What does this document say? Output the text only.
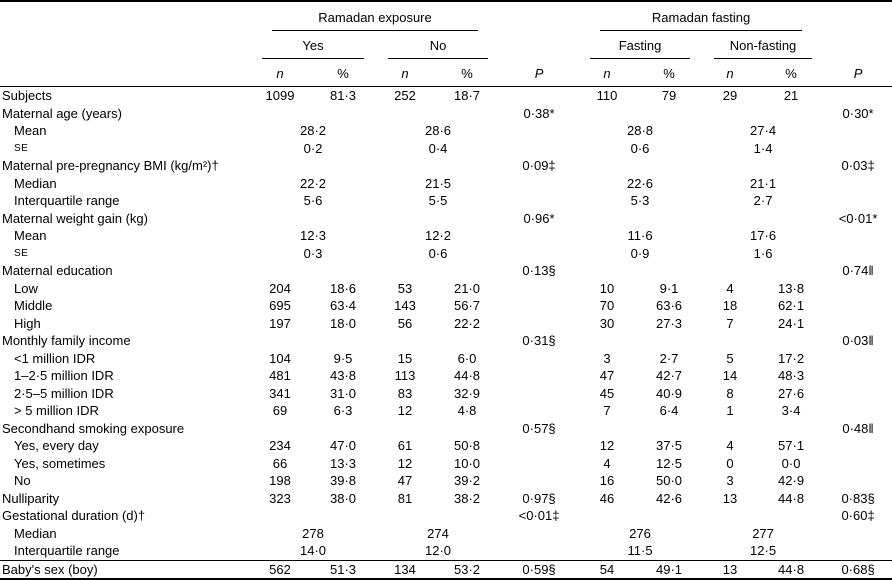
	Ramadan exposure					Ramadan fasting				

	Yes		No			Fasting		Non-fasting		

	n	%	n	%	P	n	%	n	%	P
Subjects	1099	81·3	252	18·7		110	79	29	21	
Maternal age (years)					0·38*					0·30*
Mean	28·2		28·6			28·8		27·4		
SE	0·2		0·4			0·6		1·4		
Maternal pre-pregnancy BMI (kg/m²)†					0·09‡					0·03‡
Median	22·2		21·5			22·6		21·1		
Interquartile range	5·6		5·5			5·3		2·7		
Maternal weight gain (kg)					0·96*					<0·01*
Mean	12·3		12·2			11·6		17·6		
SE	0·3		0·6			0·9		1·6		
Maternal education					0·13§					0·74‖
Low	204	18·6	53	21·0		10	9·1	4	13·8	
Middle	695	63·4	143	56·7		70	63·6	18	62·1	
High	197	18·0	56	22·2		30	27·3	7	24·1	
Monthly family income					0·31§					0·03‖
<1 million IDR	104	9·5	15	6·0		3	2·7	5	17·2	
1–2·5 million IDR	481	43·8	113	44·8		47	42·7	14	48·3	
2·5–5 million IDR	341	31·0	83	32·9		45	40·9	8	27·6	
> 5 million IDR	69	6·3	12	4·8		7	6·4	1	3·4	
Secondhand smoking exposure					0·57§					0·48‖
Yes, every day	234	47·0	61	50·8		12	37·5	4	57·1	
Yes, sometimes	66	13·3	12	10·0		4	12·5	0	0·0	
No	198	39·8	47	39·2		16	50·0	3	42·9	
Nulliparity	323	38·0	81	38·2	0·97§	46	42·6	13	44·8	0·83§
Gestational duration (d)†					<0·01‡					0·60‡
Median	278		274			276		277		
Interquartile range	14·0		12·0			11·5		12·5		
Baby's sex (boy)	562	51·3	134	53·2	0·59§	54	49·1	13	44·8	0·68§
